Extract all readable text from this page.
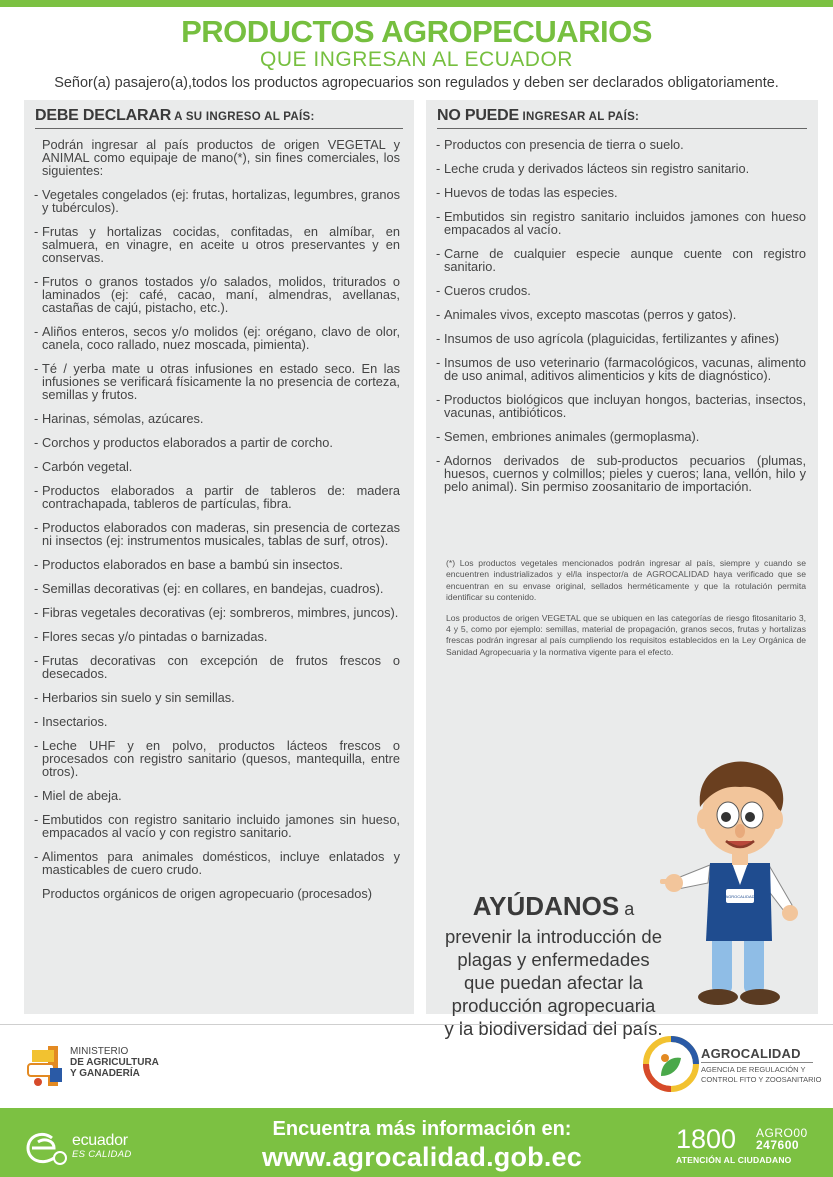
PRODUCTOS AGROPECUARIOS
QUE INGRESAN AL ECUADOR
Señor(a) pasajero(a),todos los productos agropecuarios son regulados y deben ser declarados obligatoriamente.
DEBE DECLARAR A SU INGRESO AL PAÍS:
Podrán ingresar al país productos de origen VEGETAL y ANIMAL como equipaje de mano(*), sin fines comerciales, los siguientes:
- Vegetales congelados (ej: frutas, hortalizas, legumbres, granos y tubérculos).
- Frutas y hortalizas cocidas, confitadas, en almíbar, en salmuera, en vinagre, en aceite u otros preservantes y en conservas.
- Frutos o granos tostados y/o salados, molidos, triturados o laminados (ej: café, cacao, maní, almendras, avellanas, castañas de cajú, pistacho, etc.).
- Aliños enteros, secos y/o molidos (ej: orégano, clavo de olor, canela, coco rallado, nuez moscada, pimienta).
- Té / yerba mate u otras infusiones en estado seco. En las infusiones se verificará físicamente la no presencia de corteza, semillas y frutos.
- Harinas, sémolas, azúcares.
- Corchos y productos elaborados a partir de corcho.
- Carbón vegetal.
- Productos elaborados a partir de tableros de: madera contrachapada, tableros de partículas, fibra.
- Productos elaborados con maderas, sin presencia de cortezas ni insectos (ej: instrumentos musicales, tablas de surf, otros).
- Productos elaborados en base a bambú sin insectos.
- Semillas decorativas (ej: en collares, en bandejas, cuadros).
- Fibras vegetales decorativas (ej: sombreros, mimbres, juncos).
- Flores secas y/o pintadas o barnizadas.
- Frutas decorativas con excepción de frutos frescos o desecados.
- Herbarios sin suelo y sin semillas.
- Insectarios.
- Leche UHF y en polvo, productos lácteos frescos o procesados con registro sanitario (quesos, mantequilla, entre otros).
- Miel de abeja.
- Embutidos con registro sanitario incluido jamones sin hueso, empacados al vacío y con registro sanitario.
- Alimentos para animales domésticos, incluye enlatados y masticables de cuero crudo.
Productos orgánicos de origen agropecuario (procesados)
NO PUEDE INGRESAR AL PAÍS:
- Productos con presencia de tierra o suelo.
- Leche cruda y derivados lácteos sin registro sanitario.
- Huevos de todas las especies.
- Embutidos sin registro sanitario incluidos jamones con hueso empacados al vacío.
- Carne de cualquier especie aunque cuente con registro sanitario.
- Cueros crudos.
- Animales vivos, excepto mascotas (perros y gatos).
- Insumos de uso agrícola (plaguicidas, fertilizantes y afines)
- Insumos de uso veterinario (farmacológicos, vacunas, alimento de uso animal, aditivos alimenticios y kits de diagnóstico).
- Productos biológicos que incluyan hongos, bacterias, insectos, vacunas, antibióticos.
- Semen, embriones animales (germoplasma).
- Adornos derivados de sub-productos pecuarios (plumas, huesos, cuernos y colmillos; pieles y cueros; lana, vellón, hilo y pelo animal). Sin permiso zoosanitario de importación.

(*) Los productos vegetales mencionados podrán ingresar al país, siempre y cuando se encuentren industrializados y el/la inspector/a de AGROCALIDAD haya verificado que se encuentran en su envase original, sellados herméticamente y que la rotulación permita identificar su contenido.

Los productos de origen VEGETAL que se ubiquen en las categorías de riesgo fitosanitario 3, 4 y 5, como por ejemplo: semillas, material de propagación, granos secos, frutas y hortalizas frescas podrán ingresar al país cumpliendo los requisitos establecidos en la Ley Orgánica de Sanidad Agropecuaria y la normativa vigente para el efecto.

AYÚDANOS a
prevenir la introducción de
plagas y enfermedades
que puedan afectar la
producción agropecuaria
y la biodiversidad del país.
AGROCALIDAD
MINISTERIO
DE AGRICULTURA
Y GANADERÍA
AGROCALIDAD
AGENCIA DE REGULACIÓN Y
CONTROL FITO Y ZOOSANITARIO
ecuador
ES CALIDAD
Encuentra más información en:
www.agrocalidad.gob.ec
1800 AGRO00
247600
ATENCIÓN AL CIUDADANO
